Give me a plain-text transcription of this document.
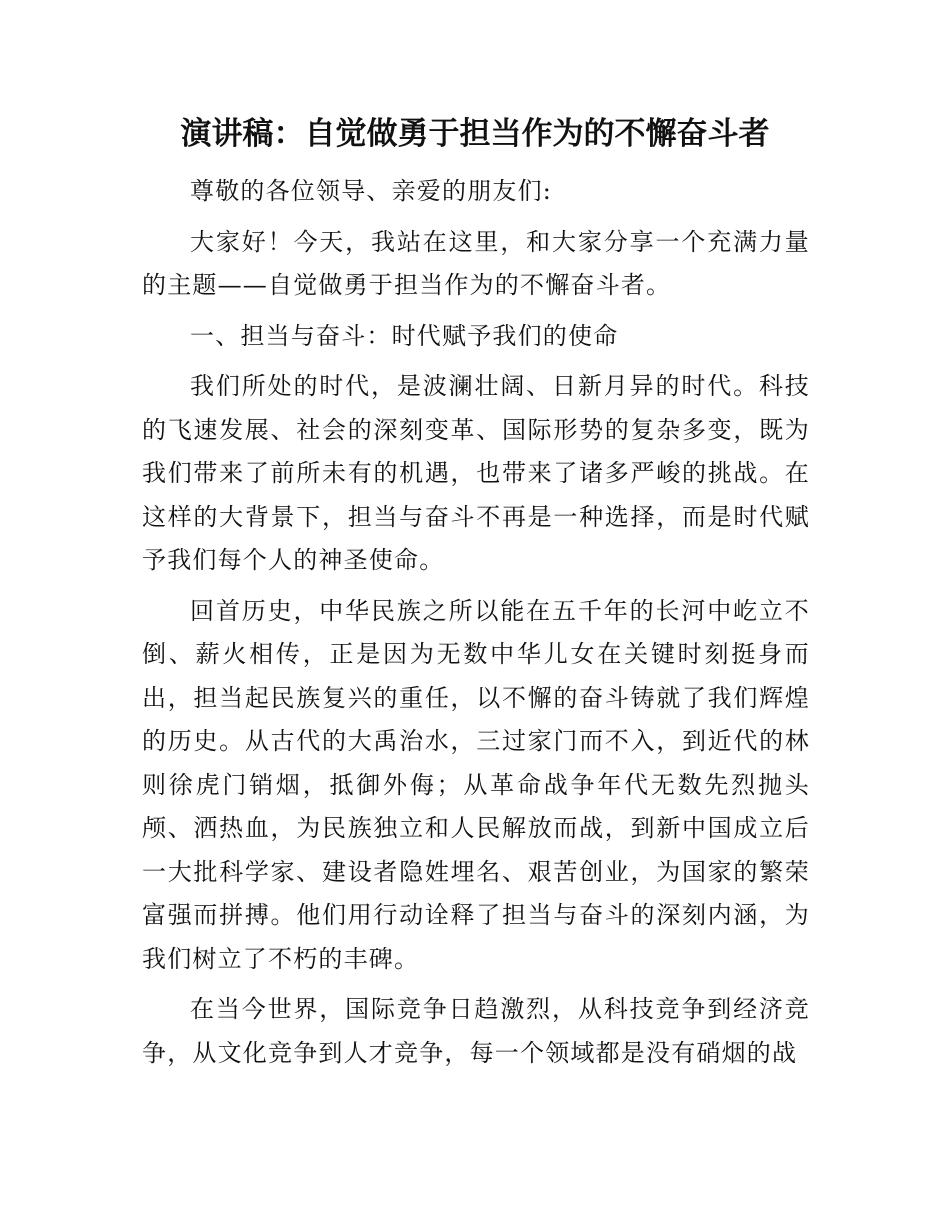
演讲稿：自觉做勇于担当作为的不懈奋斗者

尊敬的各位领导、亲爱的朋友们:

大家好！今天，我站在这里，和大家分享一个充满力量的主题——自觉做勇于担当作为的不懈奋斗者。

一、担当与奋斗：时代赋予我们的使命

我们所处的时代，是波澜壮阔、日新月异的时代。科技的飞速发展、社会的深刻变革、国际形势的复杂多变，既为我们带来了前所未有的机遇，也带来了诸多严峻的挑战。在这样的大背景下，担当与奋斗不再是一种选择，而是时代赋予我们每个人的神圣使命。

回首历史，中华民族之所以能在五千年的长河中屹立不倒、薪火相传，正是因为无数中华儿女在关键时刻挺身而出，担当起民族复兴的重任，以不懈的奋斗铸就了我们辉煌的历史。从古代的大禹治水，三过家门而不入，到近代的林则徐虎门销烟，抵御外侮；从革命战争年代无数先烈抛头颅、洒热血，为民族独立和人民解放而战，到新中国成立后一大批科学家、建设者隐姓埋名、艰苦创业，为国家的繁荣富强而拼搏。他们用行动诠释了担当与奋斗的深刻内涵，为我们树立了不朽的丰碑。

在当今世界，国际竞争日趋激烈，从科技竞争到经济竞争，从文化竞争到人才竞争，每一个领域都是没有硝烟的战
